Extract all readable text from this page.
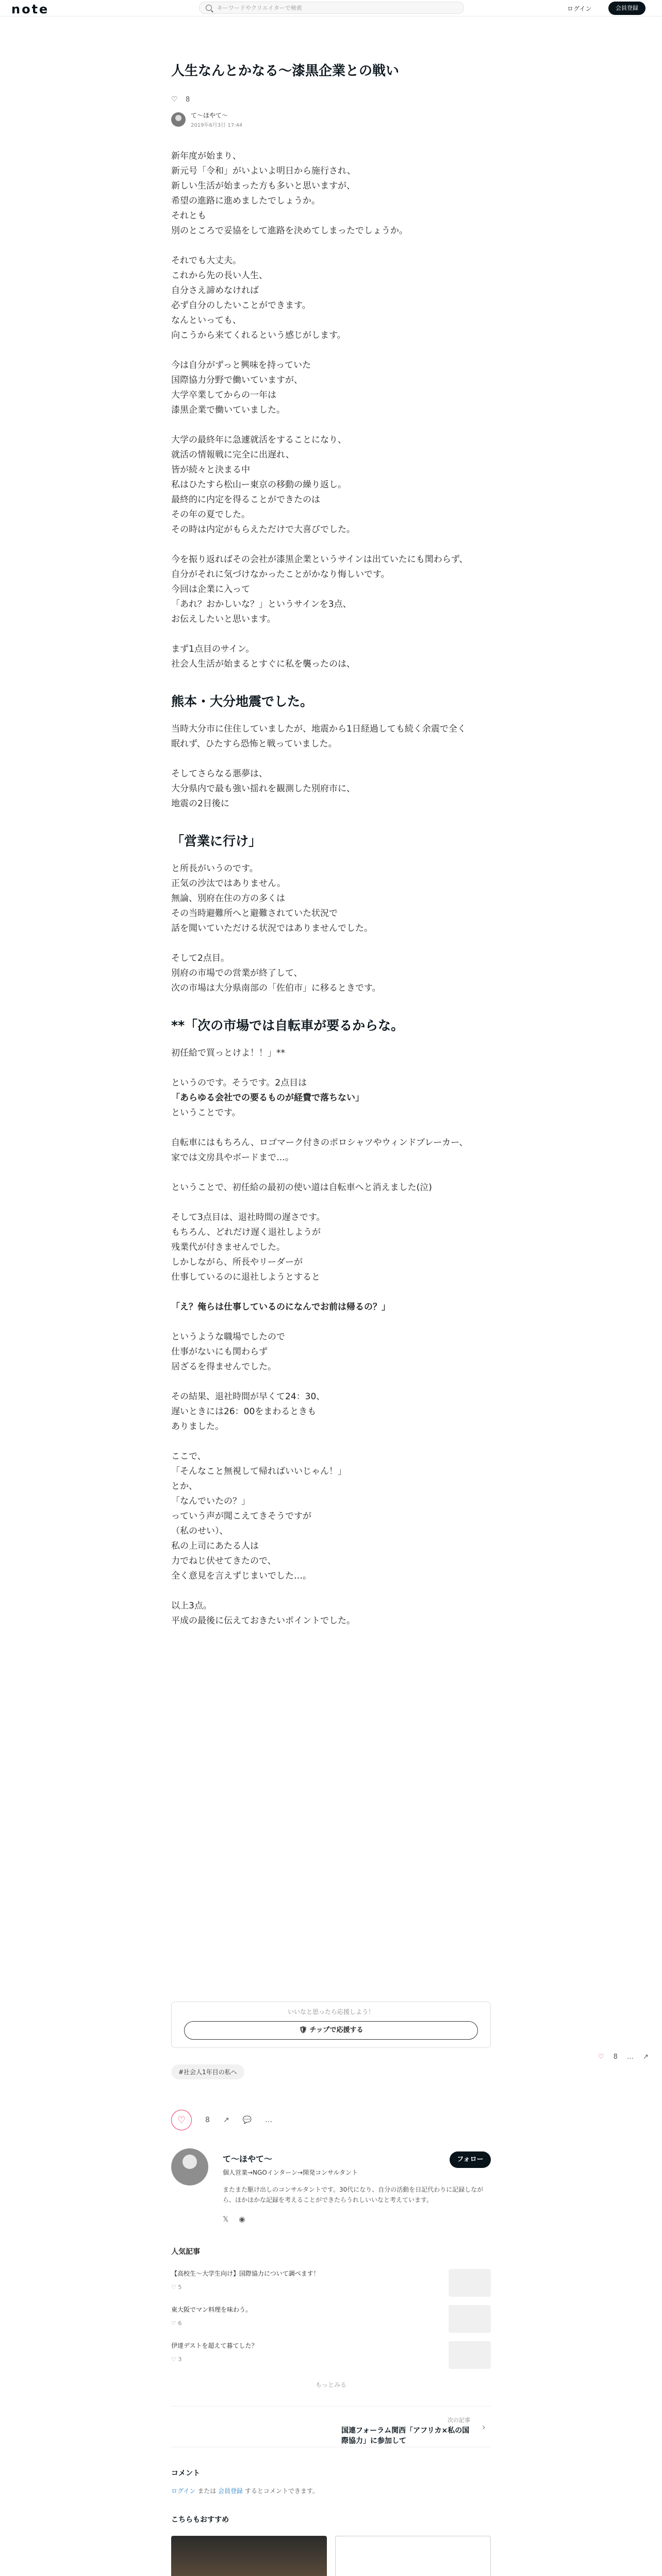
note	キーワードやクリエイターで検索	ログイン	会員登録
人生なんとかなる〜漆黒企業との戦い
♡ 8
て〜ほやて〜
2019年6月3日 17:44

新年度が始まり、
新元号「令和」がいよいよ明日から施行され、
新しい生活が始まった方も多いと思いますが、
希望の進路に進めましたでしょうか。
それとも
別のところで妥協をして進路を決めてしまったでしょうか。

それでも大丈夫。
これから先の長い人生、
自分さえ諦めなければ
必ず自分のしたいことができます。
なんといっても、
向こうから来てくれるという感じがします。

今は自分がずっと興味を持っていた
国際協力分野で働いていますが、
大学卒業してからの一年は
漆黒企業で働いていました。

大学の最終年に急遽就活をすることになり、
就活の情報戦に完全に出遅れ、
皆が続々と決まる中
私はひたすら松山ー東京の移動の繰り返し。
最終的に内定を得ることができたのは
その年の夏でした。
その時は内定がもらえただけで大喜びでした。

今を振り返ればその会社が漆黒企業というサインは出ていたにも関わらず、
自分がそれに気づけなかったことがかなり悔しいです。
今回は企業に入って
「あれ？おかしいな？」というサインを3点、
お伝えしたいと思います。

まず1点目のサイン。
社会人生活が始まるとすぐに私を襲ったのは、

熊本・大分地震でした。

当時大分市に住住していましたが、地震から1日経過しても続く余震で全く
眠れず、ひたすら恐怖と戦っていました。

そしてさらなる悪夢は、
大分県内で最も強い揺れを観測した別府市に、
地震の2日後に

「営業に行け」

と所長がいうのです。
正気の沙汰ではありません。
無論、別府在住の方の多くは
その当時避難所へと避難されていた状況で
話を聞いていただける状況ではありませんでした。

そして2点目。
別府の市場での営業が終了して、
次の市場は大分県南部の「佐伯市」に移るときです。

**「次の市場では自転車が要るからな。

初任給で買っとけよ！！」**

というのです。そうです。2点目は
「あらゆる会社での要るものが経費で落ちない」
ということです。

自転車にはもちろん、ロゴマーク付きのポロシャツやウィンドブレーカー、
家では文房具やボードまで…。

ということで、初任給の最初の使い道は自転車へと消えました(泣)

そして3点目は、退社時間の遅さです。
もちろん、どれだけ遅く退社しようが
残業代が付きませんでした。
しかしながら、所長やリーダーが
仕事しているのに退社しようとすると

「え？俺らは仕事しているのになんでお前は帰るの？」

というような職場でしたので
仕事がないにも関わらず
居ざるを得ませんでした。

その結果、退社時間が早くて24：30、
遅いときには26：00をまわるときも
ありました。

ここで、
「そんなこと無視して帰ればいいじゃん！」
とか、
「なんでいたの？」
っていう声が聞こえてきそうですが
（私のせい）、
私の上司にあたる人は
力でねじ伏せてきたので、
全く意見を言えずじまいでした…。

以上3点。
平成の最後に伝えておきたいポイントでした。

いいなと思ったら応援しよう！
🛡 チップで応援する
♡ 8 … ↗
#社会人1年目の私へ
♡	8 ↗ 💬 …
て〜ほやて〜
個人営業→NGOインターン→開発コンサルタント
フォロー
またまた駆け出しのコンサルタントです。30代になり、自分の活動を日記代わりに記録しながら、ほかほかな記録を考えることができたらうれしいいなと考えています。
𝕏 ◉
人気記事
【高校生〜大学生向け】国際協力について調べます！
♡ 5
東大阪でマン料理を味わう。
♡ 6
伊達デストを超えて暮てした？
♡ 3
もっとみる
次の記事
国連フォーラム関西「アフリカ×私の国際協力」に参加して
›
コメント
ログイン または 会員登録 するとコメントできます。
こちらもおすすめ
